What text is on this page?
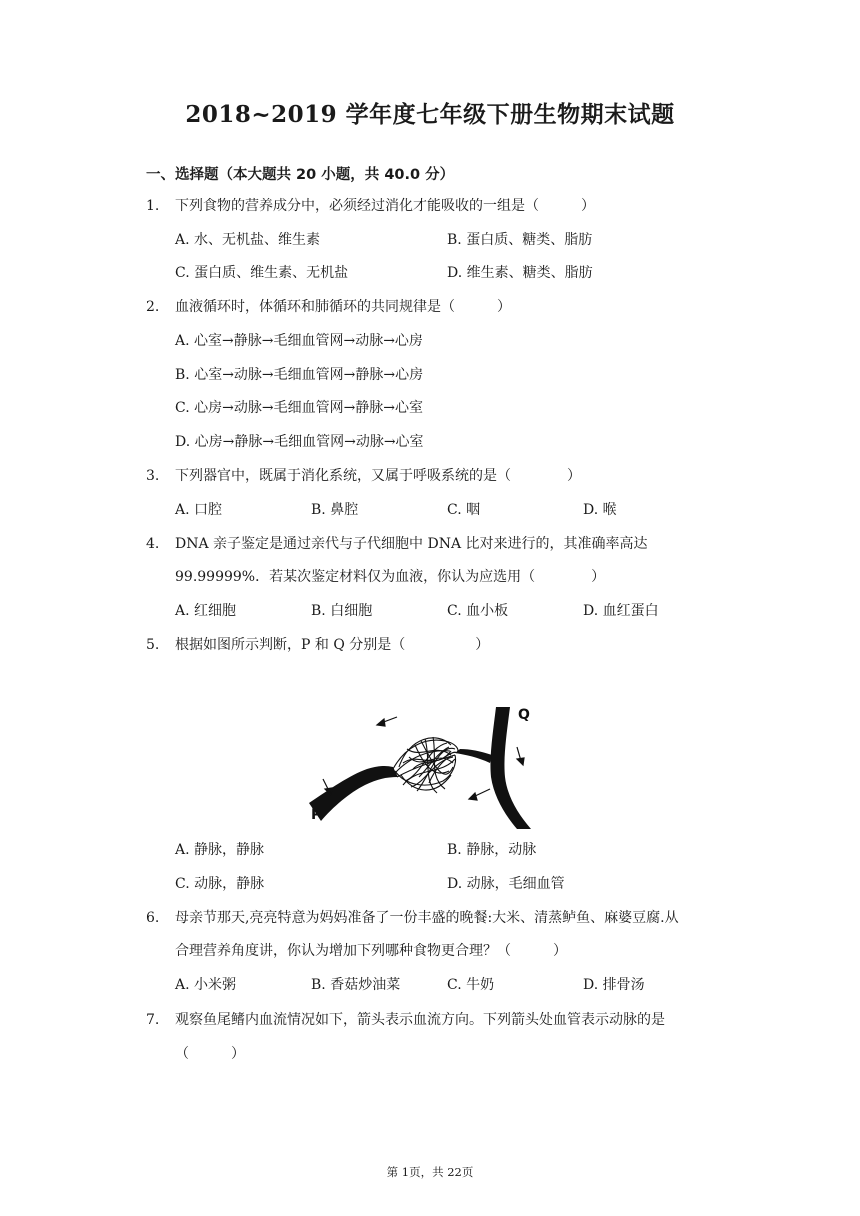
2018~2019 学年度七年级下册生物期末试题
一、选择题（本大题共 20 小题，共 40.0 分）
1. 下列食物的营养成分中，必须经过消化才能吸收的一组是（　　　）
A. 水、无机盐、维生素	B. 蛋白质、糖类、脂肪
C. 蛋白质、维生素、无机盐	D. 维生素、糖类、脂肪
2. 血液循环时，体循环和肺循环的共同规律是（　　　）
A. 心室→静脉→毛细血管网→动脉→心房
B. 心室→动脉→毛细血管网→静脉→心房
C. 心房→动脉→毛细血管网→静脉→心室
D. 心房→静脉→毛细血管网→动脉→心室
3. 下列器官中，既属于消化系统，又属于呼吸系统的是（　　　　）
A. 口腔	B. 鼻腔	C. 咽	D. 喉
4. DNA 亲子鉴定是通过亲代与子代细胞中 DNA 比对来进行的，其准确率高达
99.99999%．若某次鉴定材料仅为血液，你认为应选用（　　　　）
A. 红细胞	B. 白细胞	C. 血小板	D. 血红蛋白
5. 根据如图所示判断，P 和 Q 分别是（　　　　　）
P
Q
A. 静脉，静脉	B. 静脉，动脉
C. 动脉，静脉	D. 动脉，毛细血管
6. 母亲节那天,亮亮特意为妈妈准备了一份丰盛的晚餐:大米、清蒸鲈鱼、麻婆豆腐.从
合理营养角度讲，你认为增加下列哪种食物更合理？（　　　）
A. 小米粥	B. 香菇炒油菜	C. 牛奶	D. 排骨汤
7. 观察鱼尾鳍内血流情况如下，箭头表示血流方向。下列箭头处血管表示动脉的是
（　　　）
第 1页，共 22页
